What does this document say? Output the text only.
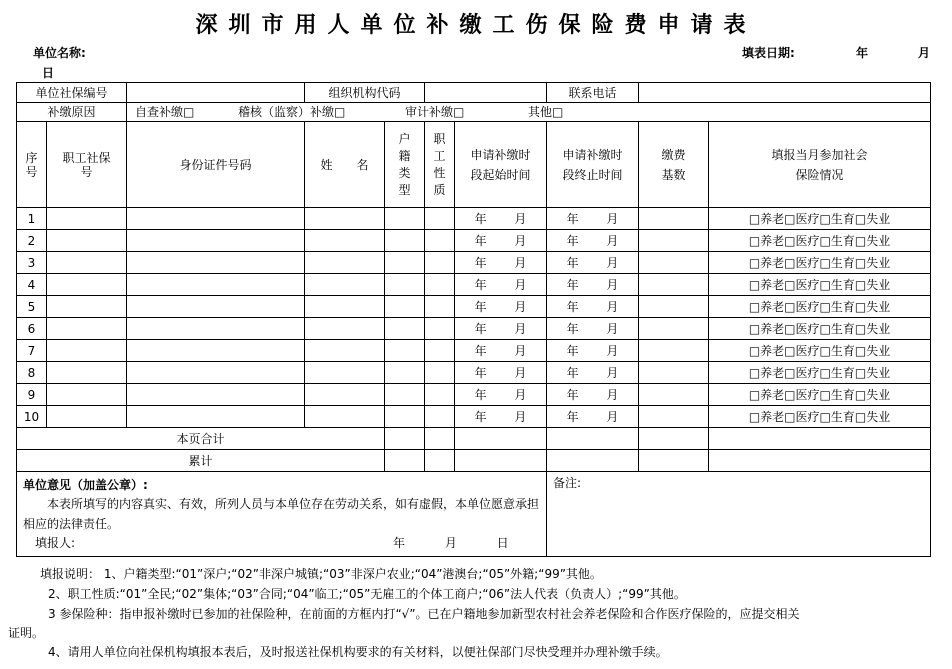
深圳市用人单位补缴工伤保险费申请表
单位名称:	填表日期:	年	月
日
单位社保编号			组织机构代码				联系电话		
补缴原因		自查补缴□ 稽核（监察）补缴□ 审计补缴□ 其他□							
序号	职工社保号	身份证件号码	姓　　名	户籍类型	职工性质	申请补缴时段起始时间	申请补缴时段终止时间	缴费基数	填报当月参加社会保险情况
1						年　　 月	年　　 月		□养老□医疗□生育□失业
2						年　　 月	年　　 月		□养老□医疗□生育□失业
3						年　　 月	年　　 月		□养老□医疗□生育□失业
4						年　　 月	年　　 月		□养老□医疗□生育□失业
5						年　　 月	年　　 月		□养老□医疗□生育□失业
6						年　　 月	年　　 月		□养老□医疗□生育□失业
7						年　　 月	年　　 月		□养老□医疗□生育□失业
8						年　　 月	年　　 月		□养老□医疗□生育□失业
9						年　　 月	年　　 月		□养老□医疗□生育□失业
10						年　　 月	年　　 月		□养老□医疗□生育□失业
本页合计									
累计									

单位意见（加盖公章）:
本表所填写的内容真实、有效，所列人员与本单位存在劳动关系，如有虚假，本单位愿意承担相应的法律责任。
填报人: 年　　　 月　　　 日							备注:		
填报说明： 1、户籍类型:“01”深户;“02”非深户城镇;“03”非深户农业;“04”港澳台;“05”外籍;“99”其他。
2、职工性质:“01”全民;“02”集体;“03”合同;“04”临工;“05”无雇工的个体工商户;“06”法人代表（负责人）;“99”其他。
3 参保险种：指申报补缴时已参加的社保险种，在前面的方框内打“√”。已在户籍地参加新型农村社会养老保险和合作医疗保险的，应提交相关
证明。
4、请用人单位向社保机构填报本表后，及时报送社保机构要求的有关材料，以便社保部门尽快受理并办理补缴手续。
